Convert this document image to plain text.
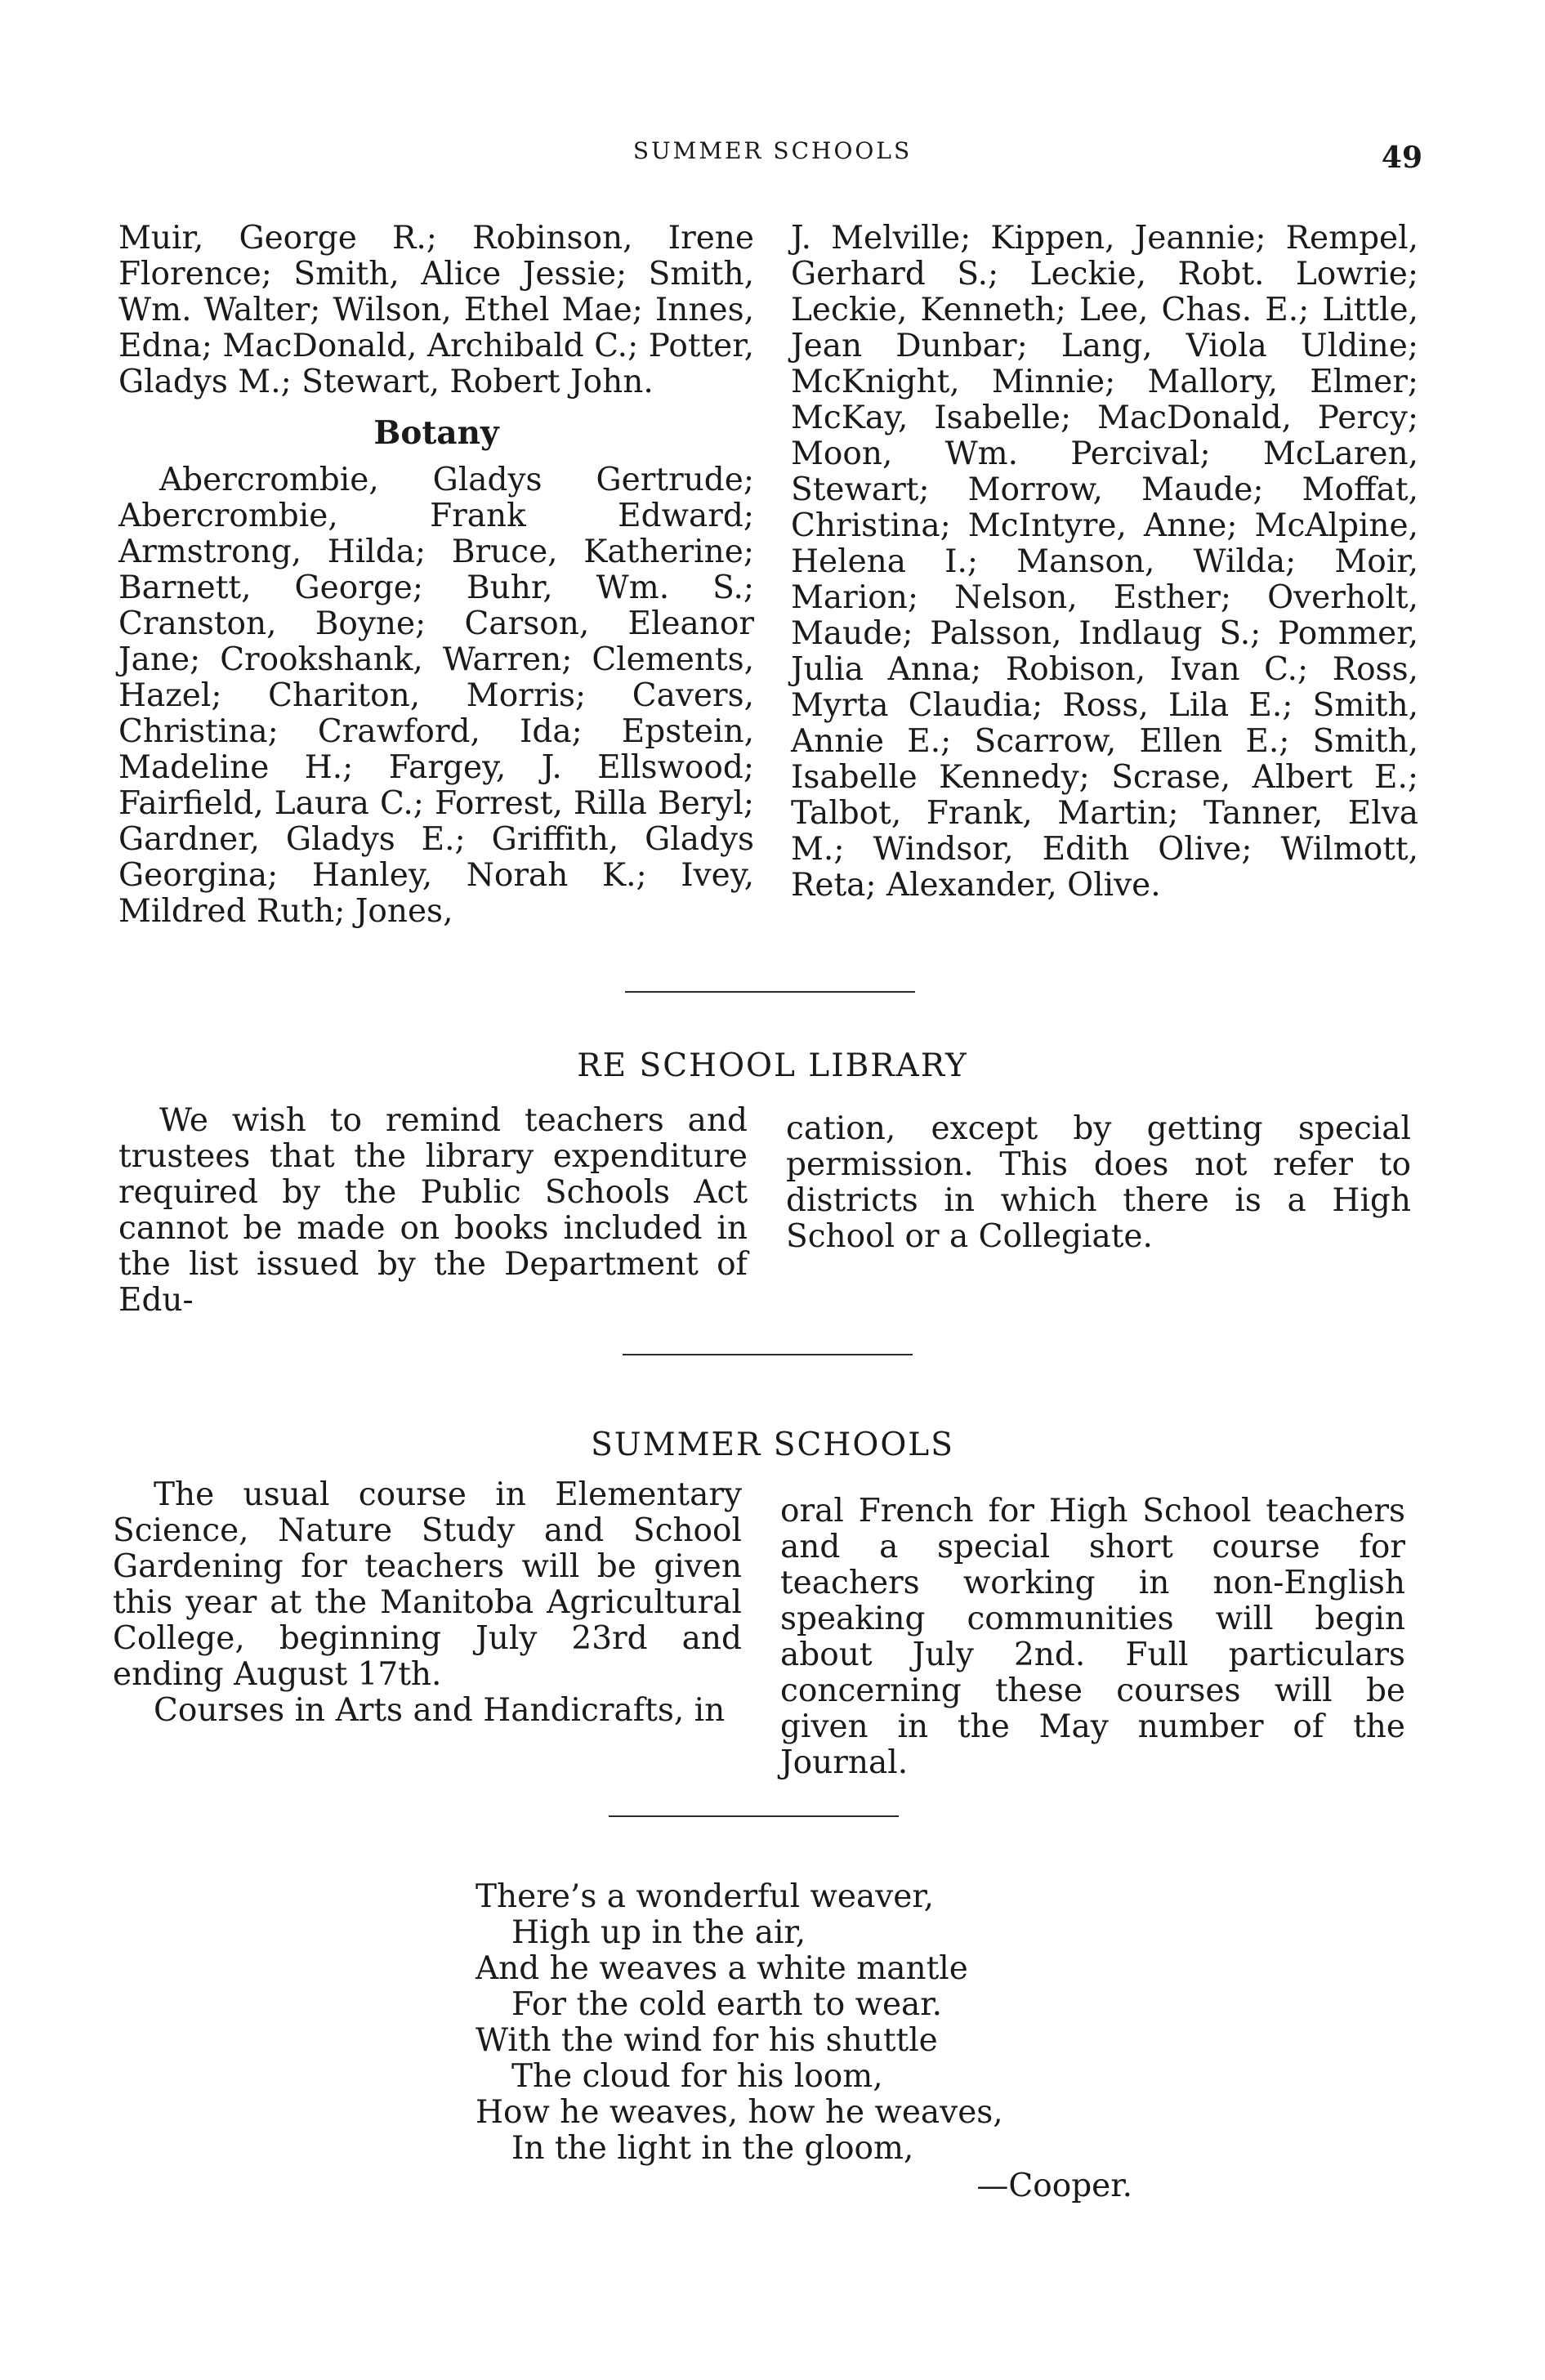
SUMMER SCHOOLS	49

Muir, George R.; Robinson, Irene Florence; Smith, Alice Jessie; Smith, Wm. Walter; Wilson, Ethel Mae; Innes, Edna; MacDonald, Archibald C.; Potter, Gladys M.; Stewart, Robert John.

Botany

Abercrombie, Gladys Gertrude; Abercrombie, Frank Edward; Armstrong, Hilda; Bruce, Katherine; Barnett, George; Buhr, Wm. S.; Cranston, Boyne; Carson, Eleanor Jane; Crookshank, Warren; Clements, Hazel; Chariton, Morris; Cavers, Christina; Crawford, Ida; Epstein, Madeline H.; Fargey, J. Ellswood; Fairfield, Laura C.; Forrest, Rilla Beryl; Gardner, Gladys E.; Griffith, Gladys Georgina; Hanley, Norah K.; Ivey, Mildred Ruth; Jones,

J. Melville; Kippen, Jeannie; Rempel, Gerhard S.; Leckie, Robt. Lowrie; Leckie, Kenneth; Lee, Chas. E.; Little, Jean Dunbar; Lang, Viola Uldine; McKnight, Minnie; Mallory, Elmer; McKay, Isabelle; MacDonald, Percy; Moon, Wm. Percival; McLaren, Stewart; Morrow, Maude; Moffat, Christina; McIntyre, Anne; McAlpine, Helena I.; Manson, Wilda; Moir, Marion; Nelson, Esther; Overholt, Maude; Palsson, Indlaug S.; Pommer, Julia Anna; Robison, Ivan C.; Ross, Myrta Claudia; Ross, Lila E.; Smith, Annie E.; Scarrow, Ellen E.; Smith, Isabelle Kennedy; Scrase, Albert E.; Talbot, Frank, Martin; Tanner, Elva M.; Windsor, Edith Olive; Wilmott, Reta; Alexander, Olive.

RE SCHOOL LIBRARY

We wish to remind teachers and trustees that the library expenditure required by the Public Schools Act cannot be made on books included in the list issued by the Department of Edu-

cation, except by getting special permission. This does not refer to districts in which there is a High School or a Collegiate.

SUMMER SCHOOLS

The usual course in Elementary Science, Nature Study and School Gardening for teachers will be given this year at the Manitoba Agricultural College, beginning July 23rd and ending August 17th.

Courses in Arts and Handicrafts, in

oral French for High School teachers and a special short course for teachers working in non-English speaking communities will begin about July 2nd. Full particulars concerning these courses will be given in the May number of the Journal.

There’s a wonderful weaver,
High up in the air,
And he weaves a white mantle
For the cold earth to wear.
With the wind for his shuttle
The cloud for his loom,
How he weaves, how he weaves,
In the light in the gloom,
—Cooper.
